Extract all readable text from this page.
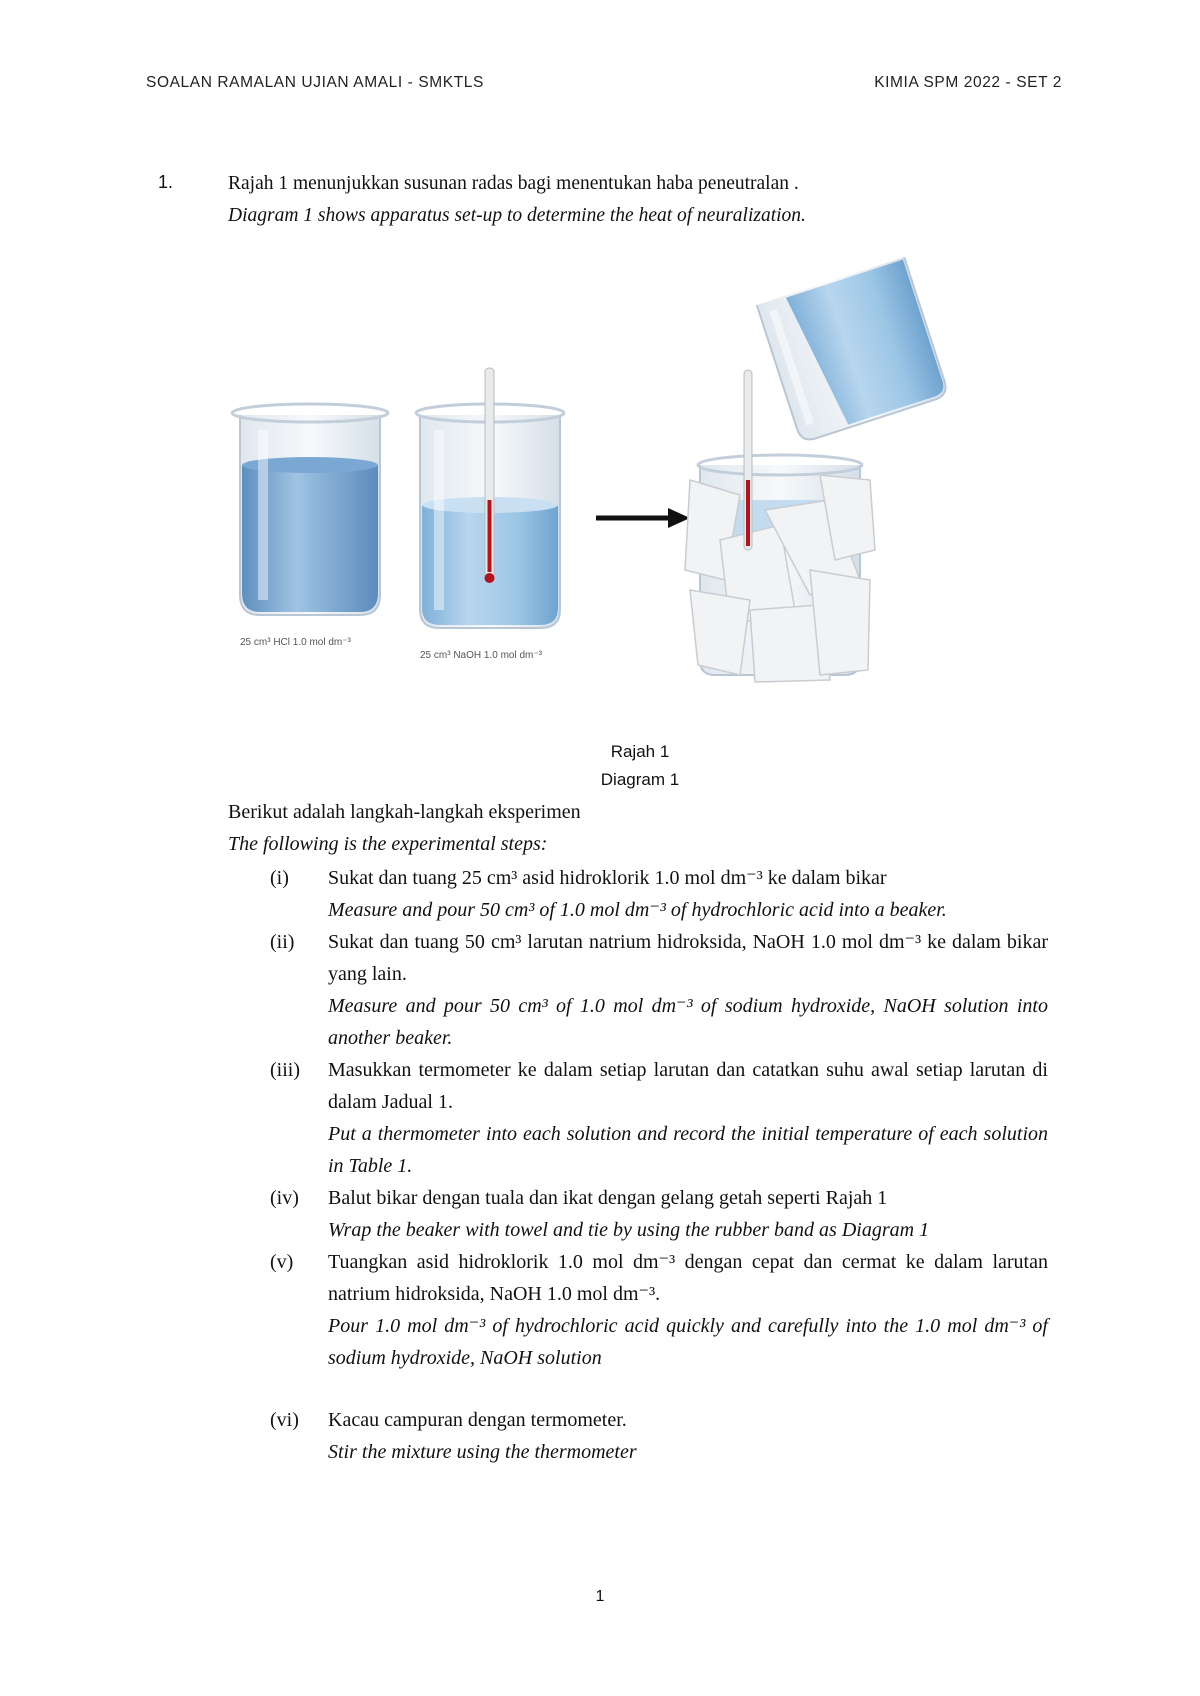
SOALAN RAMALAN UJIAN AMALI - SMKTLS	KIMIA SPM 2022 - SET 2
1.	Rajah 1 menunjukkan susunan radas bagi menentukan haba peneutralan .
Diagram 1 shows apparatus set-up to determine the heat of neuralization.
25 cm³ HCl 1.0 mol dm⁻³
25 cm³ NaOH 1.0 mol dm⁻³
Rajah 1
Diagram 1
Berikut adalah langkah-langkah eksperimen
The following is the experimental steps:
(i) Sukat dan tuang 25 cm³ asid hidroklorik 1.0 mol dm⁻³ ke dalam bikar

Measure and pour 50 cm³ of 1.0 mol dm⁻³ of hydrochloric acid into a beaker.

(ii) Sukat dan tuang 50 cm³ larutan natrium hidroksida, NaOH 1.0 mol dm⁻³ ke dalam bikar yang lain.

Measure and pour 50 cm³ of 1.0 mol dm⁻³ of sodium hydroxide, NaOH solution into another beaker.

(iii) Masukkan termometer ke dalam setiap larutan dan catatkan suhu awal setiap larutan di dalam Jadual 1.

Put a thermometer into each solution and record the initial temperature of each solution in Table 1.

(iv) Balut bikar dengan tuala dan ikat dengan gelang getah seperti Rajah 1

Wrap the beaker with towel and tie by using the rubber band as Diagram 1

(v) Tuangkan asid hidroklorik 1.0 mol dm⁻³ dengan cepat dan cermat ke dalam larutan natrium hidroksida, NaOH 1.0 mol dm⁻³.

Pour 1.0 mol dm⁻³ of hydrochloric acid quickly and carefully into the 1.0 mol dm⁻³ of sodium hydroxide, NaOH solution

(vi) Kacau campuran dengan termometer.

Stir the mixture using the thermometer

1
